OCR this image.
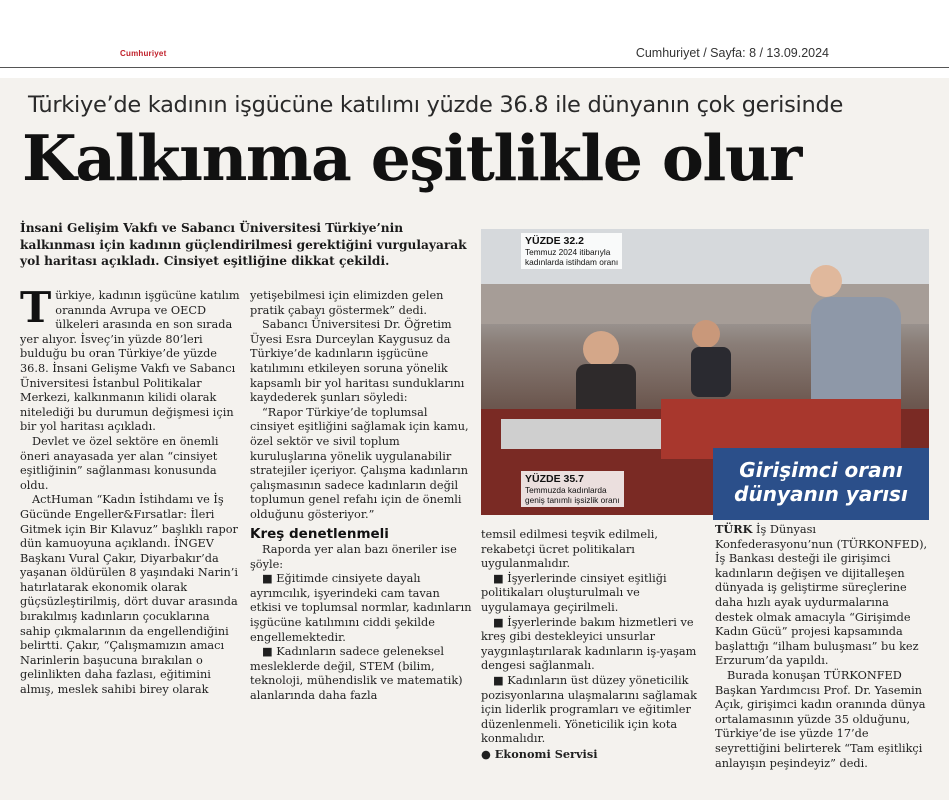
Cumhuriyet	Cumhuriyet / Sayfa: 8 / 13.09.2024
Türkiye’de kadının işgücüne katılımı yüzde 36.8 ile dünyanın çok gerisinde
Kalkınma eşitlikle olur
İnsani Gelişim Vakfı ve Sabancı Üniversitesi Türkiye’nin kalkınması için kadının güçlendirilmesi gerektiğini vurgulayarak yol haritası açıkladı. Cinsiyet eşitliğine dikkat çekildi.

Türkiye, kadının işgücüne katılım oranında Avrupa ve OECD ülkeleri arasında en son sırada yer alıyor. İsveç’in yüzde 80’leri bulduğu bu oran Türkiye’de yüzde 36.8. İnsani Gelişme Vakfı ve Sabancı Üniversitesi İstanbul Politikalar Merkezi, kalkınmanın kilidi olarak nitelediği bu durumun değişmesi için bir yol haritası açıkladı.

Devlet ve özel sektöre en önemli öneri anayasada yer alan “cinsiyet eşitliğinin” sağlanması konusunda oldu.

ActHuman “Kadın İstihdamı ve İş Gücünde Engeller&Fırsatlar: İleri Gitmek için Bir Kılavuz” başlıklı rapor dün kamuoyuna açıklandı. İNGEV Başkanı Vural Çakır, Diyarbakır’da yaşanan öldürülen 8 yaşındaki Narin’i hatırlatarak ekonomik olarak güçsüzleştirilmiş, dört duvar arasında bırakılmış kadınların çocuklarına sahip çıkmalarının da engellendiğini belirtti. Çakır, “Çalışmamızın amacı Narinlerin başucuna bırakılan o gelinlikten daha fazlası, eğitimini almış, meslek sahibi birey olarak

yetişebilmesi için elimizden gelen pratik çabayı göstermek” dedi.

Sabancı Üniversitesi Dr. Öğretim Üyesi Esra Durceylan Kaygusuz da Türkiye’de kadınların işgücüne katılımını etkileyen soruna yönelik kapsamlı bir yol haritası sunduklarını kaydederek şunları söyledi:

“Rapor Türkiye’de toplumsal cinsiyet eşitliğini sağlamak için kamu, özel sektör ve sivil toplum kuruluşlarına yönelik uygulanabilir stratejiler içeriyor. Çalışma kadınların çalışmasının sadece kadınların değil toplumun genel refahı için de önemli olduğunu gösteriyor.”

Kreş denetlenmeli

Raporda yer alan bazı öneriler ise şöyle:

■ Eğitimde cinsiyete dayalı ayrımcılık, işyerindeki cam tavan etkisi ve toplumsal normlar, kadınların işgücüne katılımını ciddi şekilde engellemektedir.

■ Kadınların sadece geleneksel mesleklerde değil, STEM (bilim, teknoloji, mühendislik ve matematik) alanlarında daha fazla

YÜZDE 32.2
Temmuz 2024 itibarıyla
kadınlarda istihdam oranı
YÜZDE 35.7
Temmuzda kadınlarda
geniş tanımlı işsizlik oranı
Girişimci oranı
dünyanın yarısı

temsil edilmesi teşvik edilmeli, rekabetçi ücret politikaları uygulanmalıdır.

■ İşyerlerinde cinsiyet eşitliği politikaları oluşturulmalı ve uygulamaya geçirilmeli.

■ İşyerlerinde bakım hizmetleri ve kreş gibi destekleyici unsurlar yaygınlaştırılarak kadınların iş-yaşam dengesi sağlanmalı.

■ Kadınların üst düzey yöneticilik pozisyonlarına ulaşmalarını sağlamak için liderlik programları ve eğitimler düzenlenmeli. Yöneticilik için kota konmalıdır.

● Ekonomi Servisi

TÜRK İş Dünyası Konfederasyonu’nun (TÜRKONFED), İş Bankası desteği ile girişimci kadınların değişen ve dijitalleşen dünyada iş geliştirme süreçlerine daha hızlı ayak uydurmalarına destek olmak amacıyla “Girişimde Kadın Gücü” projesi kapsamında başlattığı “ilham buluşması” bu kez Erzurum’da yapıldı.

Burada konuşan TÜRKONFED Başkan Yardımcısı Prof. Dr. Yasemin Açık, girişimci kadın oranında dünya ortalamasının yüzde 35 olduğunu, Türkiye’de ise yüzde 17’de seyrettiğini belirterek “Tam eşitlikçi anlayışın peşindeyiz” dedi.
